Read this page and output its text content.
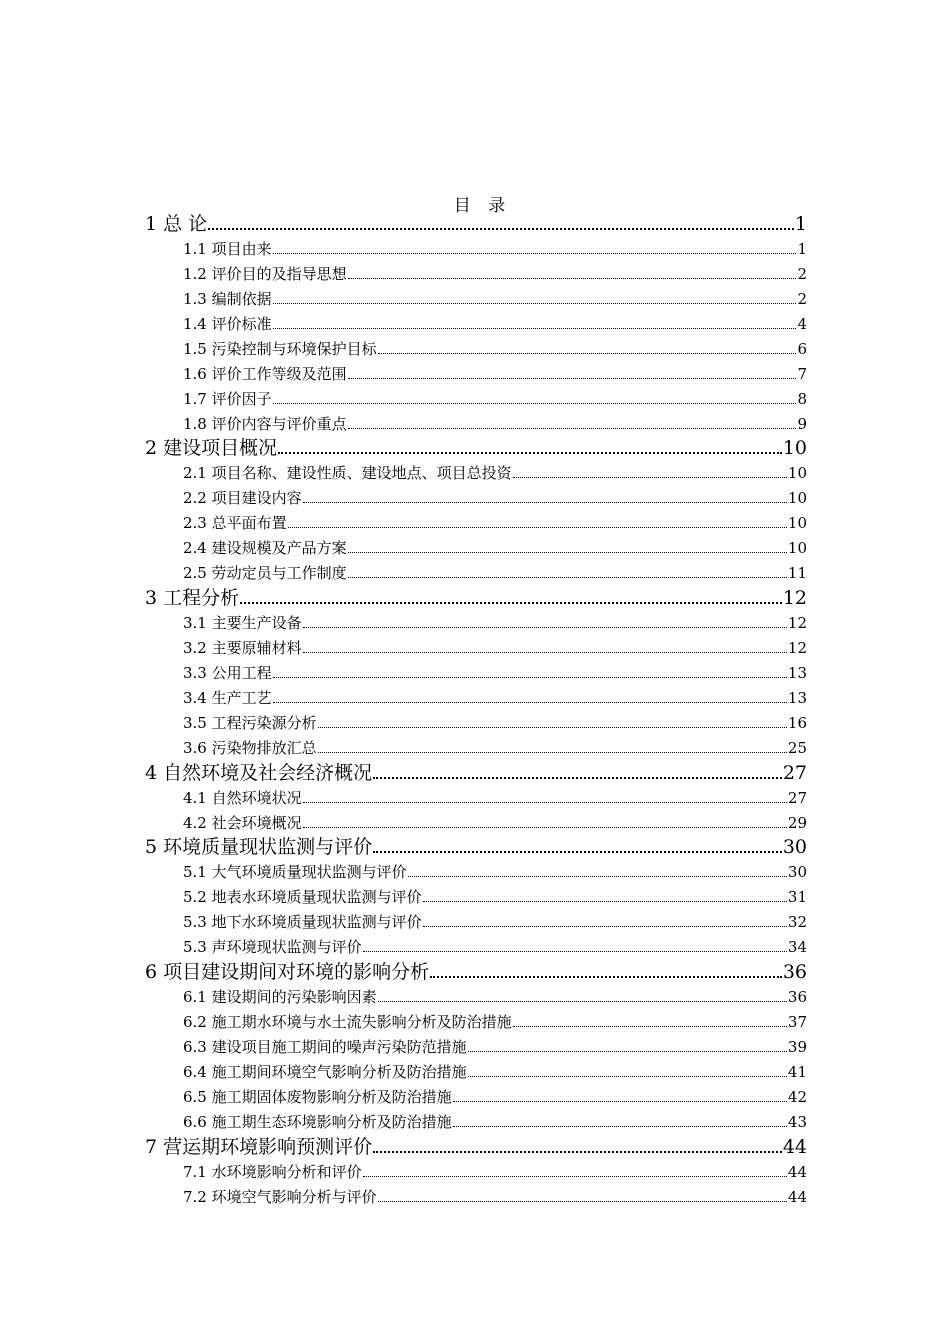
目 录
1 总 论	1
1.1 项目由来	1
1.2 评价目的及指导思想	2
1.3 编制依据	2
1.4 评价标准	4
1.5 污染控制与环境保护目标	6
1.6 评价工作等级及范围	7
1.7 评价因子	8
1.8 评价内容与评价重点	9
2 建设项目概况	10
2.1 项目名称、建设性质、建设地点、项目总投资	10
2.2 项目建设内容	10
2.3 总平面布置	10
2.4 建设规模及产品方案	10
2.5 劳动定员与工作制度	11
3 工程分析	12
3.1 主要生产设备	12
3.2 主要原辅材料	12
3.3 公用工程	13
3.4 生产工艺	13
3.5 工程污染源分析	16
3.6 污染物排放汇总	25
4 自然环境及社会经济概况	27
4.1 自然环境状况	27
4.2 社会环境概况	29
5 环境质量现状监测与评价	30
5.1 大气环境质量现状监测与评价	30
5.2 地表水环境质量现状监测与评价	31
5.3 地下水环境质量现状监测与评价	32
5.3 声环境现状监测与评价	34
6 项目建设期间对环境的影响分析	36
6.1 建设期间的污染影响因素	36
6.2 施工期水环境与水土流失影响分析及防治措施	37
6.3 建设项目施工期间的噪声污染防范措施	39
6.4 施工期间环境空气影响分析及防治措施	41
6.5 施工期固体废物影响分析及防治措施	42
6.6 施工期生态环境影响分析及防治措施	43
7 营运期环境影响预测评价	44
7.1 水环境影响分析和评价	44
7.2 环境空气影响分析与评价	44
